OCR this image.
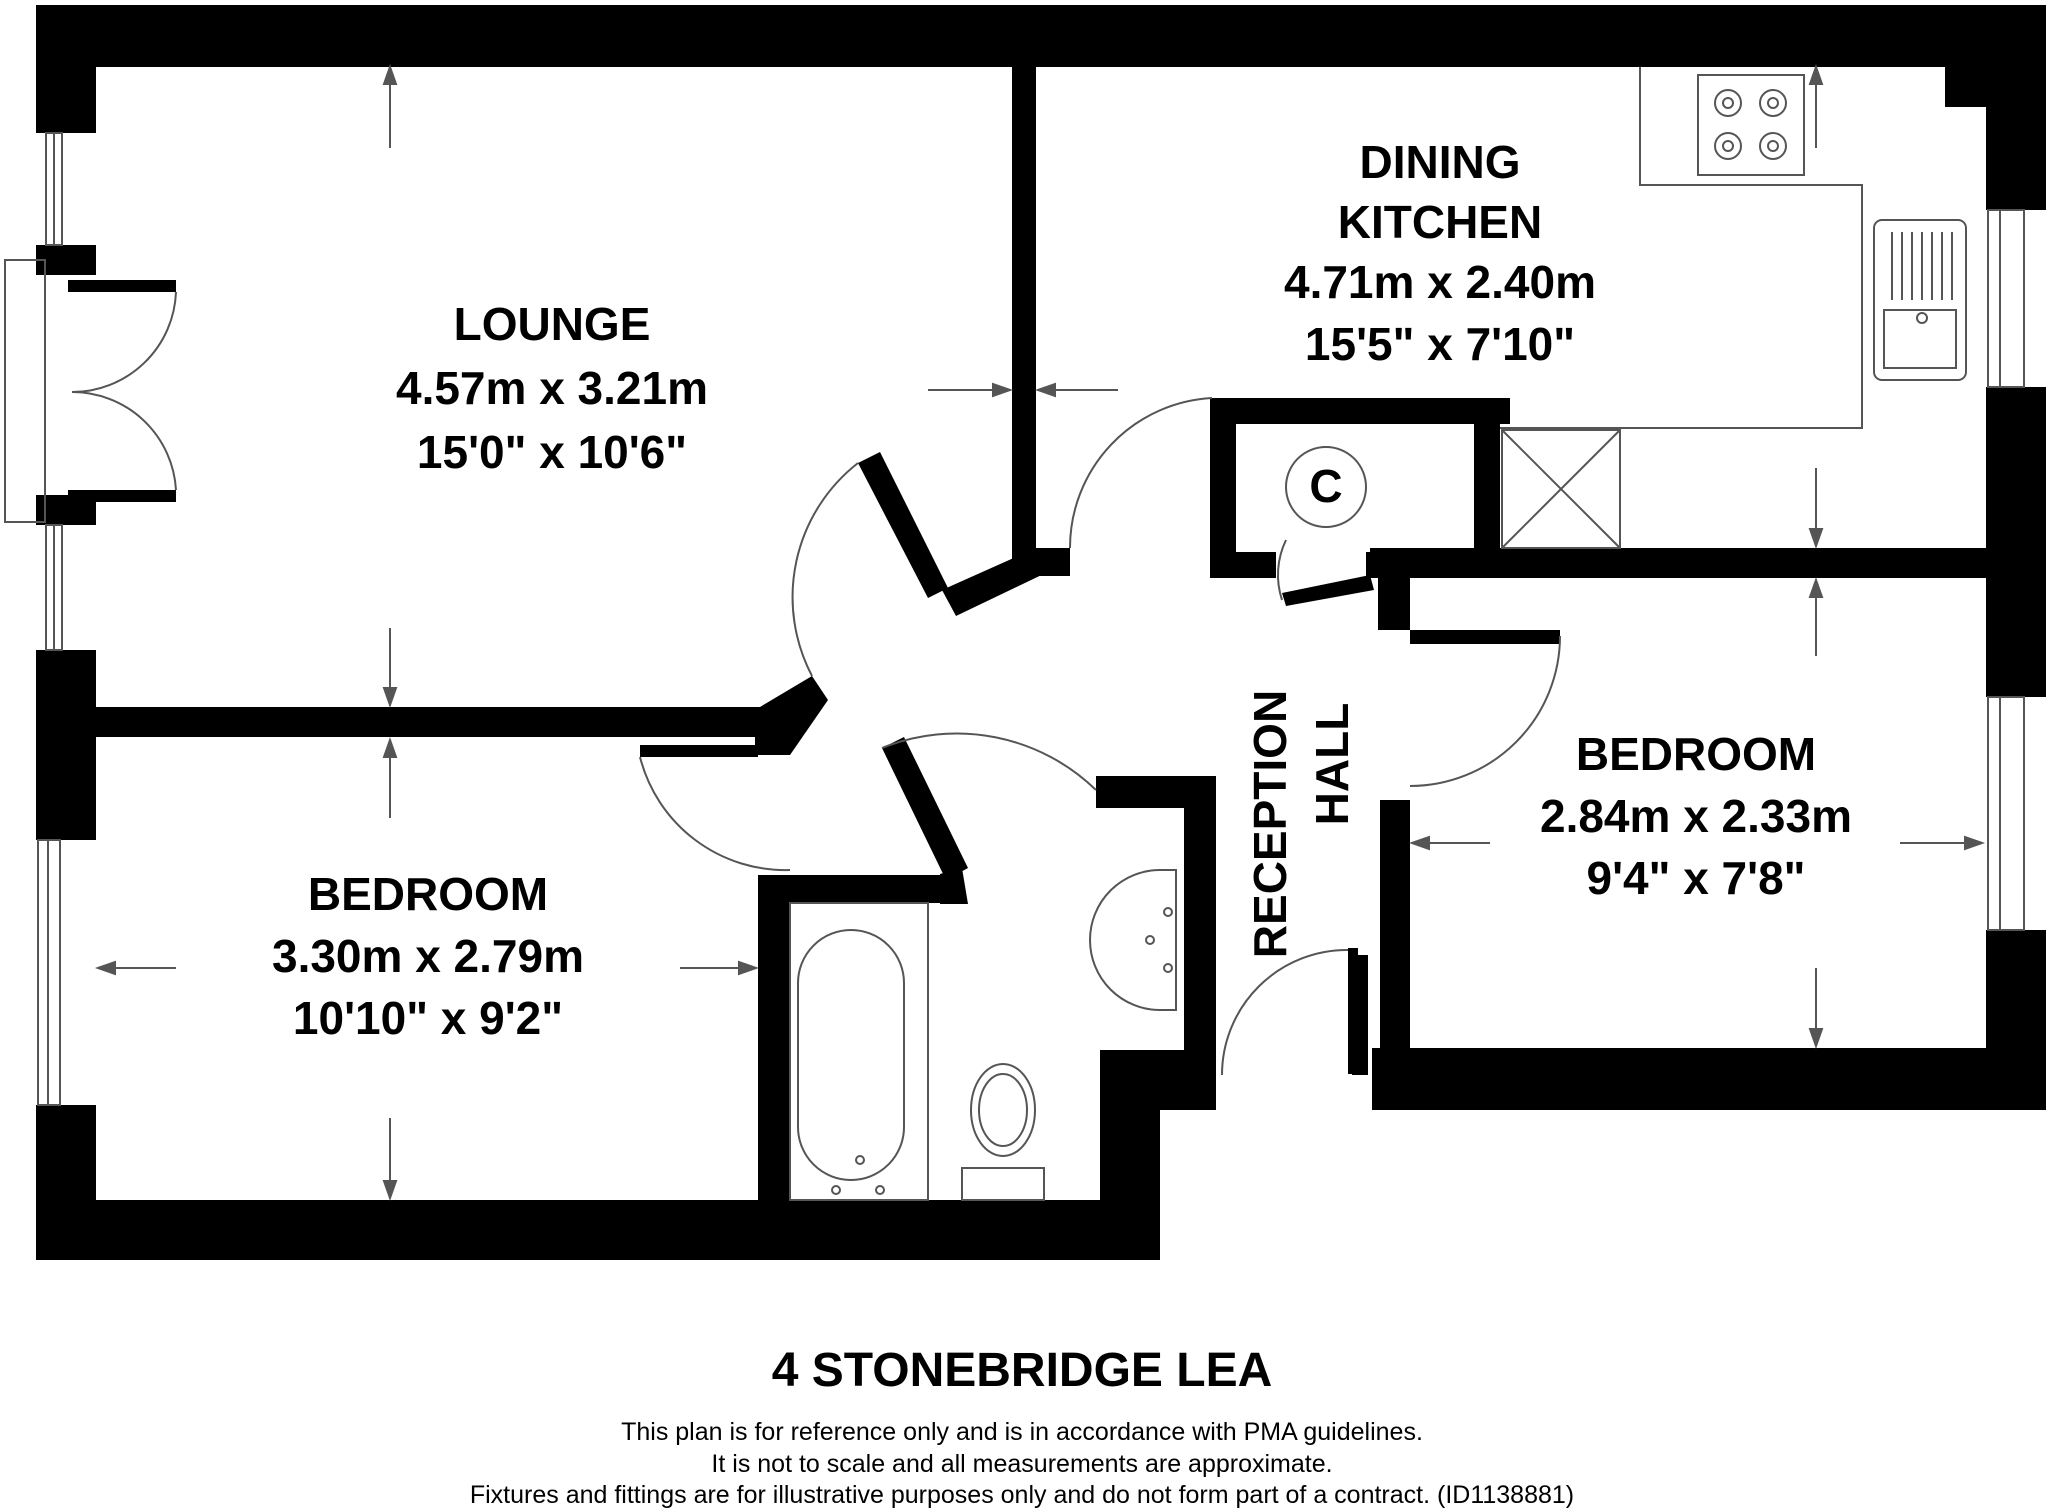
C
LOUNGE
4.57m x 3.21m
15'0" x 10'6"
DINING
KITCHEN
4.71m x 2.40m
15'5" x 7'10"
BEDROOM
3.30m x 2.79m
10'10" x 9'2"
BEDROOM
2.84m x 2.33m
9'4" x 7'8"
RECEPTION HALL
4 STONEBRIDGE LEA
This plan is for reference only and is in accordance with PMA guidelines.
It is not to scale and all measurements are approximate.
Fixtures and fittings are for illustrative purposes only and do not form part of a contract. (ID1138881)
